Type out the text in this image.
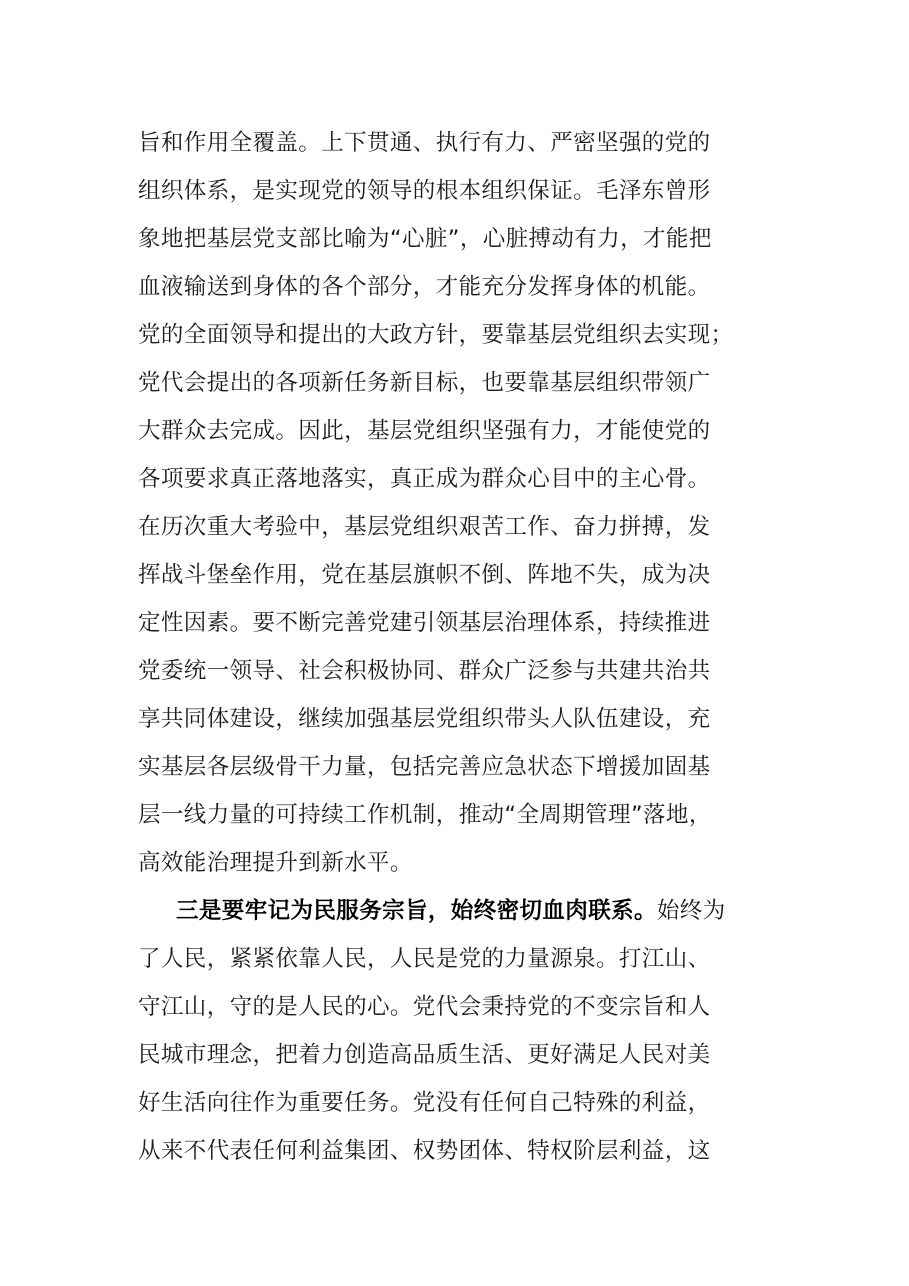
旨和作用全覆盖。上下贯通、执行有力、严密坚强的党的
组织体系，是实现党的领导的根本组织保证。毛泽东曾形
象地把基层党支部比喻为“心脏”，心脏搏动有力，才能把
血液输送到身体的各个部分，才能充分发挥身体的机能。
党的全面领导和提出的大政方针，要靠基层党组织去实现；
党代会提出的各项新任务新目标，也要靠基层组织带领广
大群众去完成。因此，基层党组织坚强有力，才能使党的
各项要求真正落地落实，真正成为群众心目中的主心骨。
在历次重大考验中，基层党组织艰苦工作、奋力拼搏，发
挥战斗堡垒作用，党在基层旗帜不倒、阵地不失，成为决
定性因素。要不断完善党建引领基层治理体系，持续推进
党委统一领导、社会积极协同、群众广泛参与共建共治共
享共同体建设，继续加强基层党组织带头人队伍建设，充
实基层各层级骨干力量，包括完善应急状态下增援加固基
层一线力量的可持续工作机制，推动“全周期管理”落地，
高效能治理提升到新水平。
三是要牢记为民服务宗旨，始终密切血肉联系。始终为
了人民，紧紧依靠人民，人民是党的力量源泉。打江山、
守江山，守的是人民的心。党代会秉持党的不变宗旨和人
民城市理念，把着力创造高品质生活、更好满足人民对美
好生活向往作为重要任务。党没有任何自己特殊的利益，
从来不代表任何利益集团、权势团体、特权阶层利益，这
